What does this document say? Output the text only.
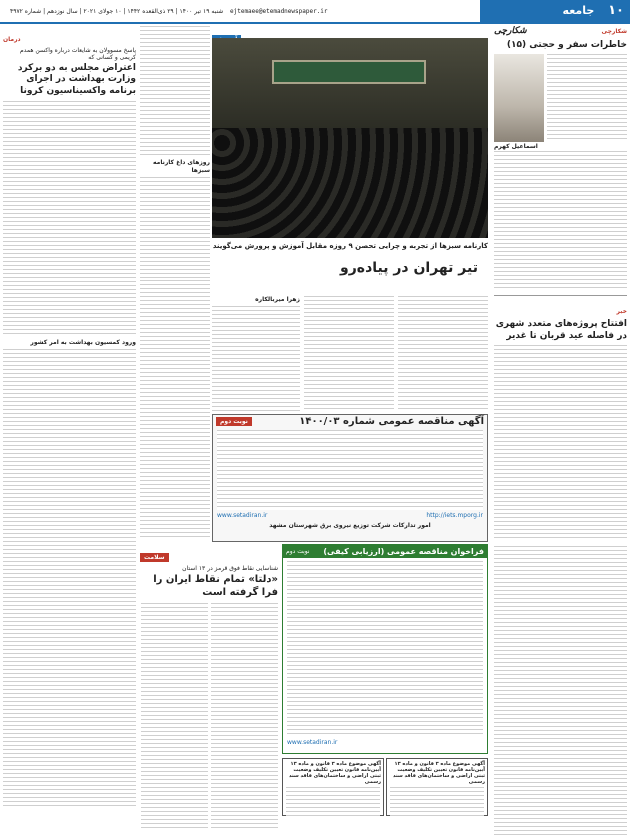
۱۰ جامعه
ejtemaee@etemadnewspaper.ir
شنبه ۱۹ تیر ۱۴۰۰ | ۲۹ ذی‌القعده ۱۴۴۲ | ۱۰ جولای ۲۰۲۱ | سال نوزدهم | شماره ۴۹۷۲
شکارچی
شکارچی
خاطرات سفر و حجتی (۱۵)
اسماعیل کهرم
خبر
افتتاح پروژه‌های متعدد شهری در فاصله عید قربان تا غدیر
کارنامه سبز‌ها از تجربه و چرایی تحصن ۹ روزه مقابل آموزش و پرورش می‌گویند
تیر تهران در پیاده‌رو
روزهای داغ کارنامه سبزها
زهرا میربالکاره
درمان
پاسخ مسوولان به شایعات درباره واکسن همدم کریمی و کسانی که
اعتراض مجلس به دو برکرد وزارت بهداشت در اجرای برنامه واکسیناسیون کرونا
ورود کمسیون بهداشت به امر کشور
آگهی مناقصه عمومی شماره ۱۴۰۰/۰۳
نوبت دوم
www.setadiran.ir	http://iets.mporg.ir
امور تدارکات شرکت توزیع نیروی برق شهرستان مشهد
سلامت
شناسایی نقاط فوق قرمز در ۱۳ استان
«دلتا» تمام نقاط ایران را فرا گرفته است
فراخوان مناقصه عمومی (ارزیابی کیفی)
نوبت دوم
www.setadiran.ir
آگهی موضوع ماده ۳ قانون و ماده ۱۳ آیین‌نامه قانون تعیین تکلیف وضعیت ثبتی اراضی و ساختمان‌های فاقد سند رسمی
آگهی موضوع ماده ۳ قانون و ماده ۱۳ آیین‌نامه قانون تعیین تکلیف وضعیت ثبتی اراضی و ساختمان‌های فاقد سند رسمی
